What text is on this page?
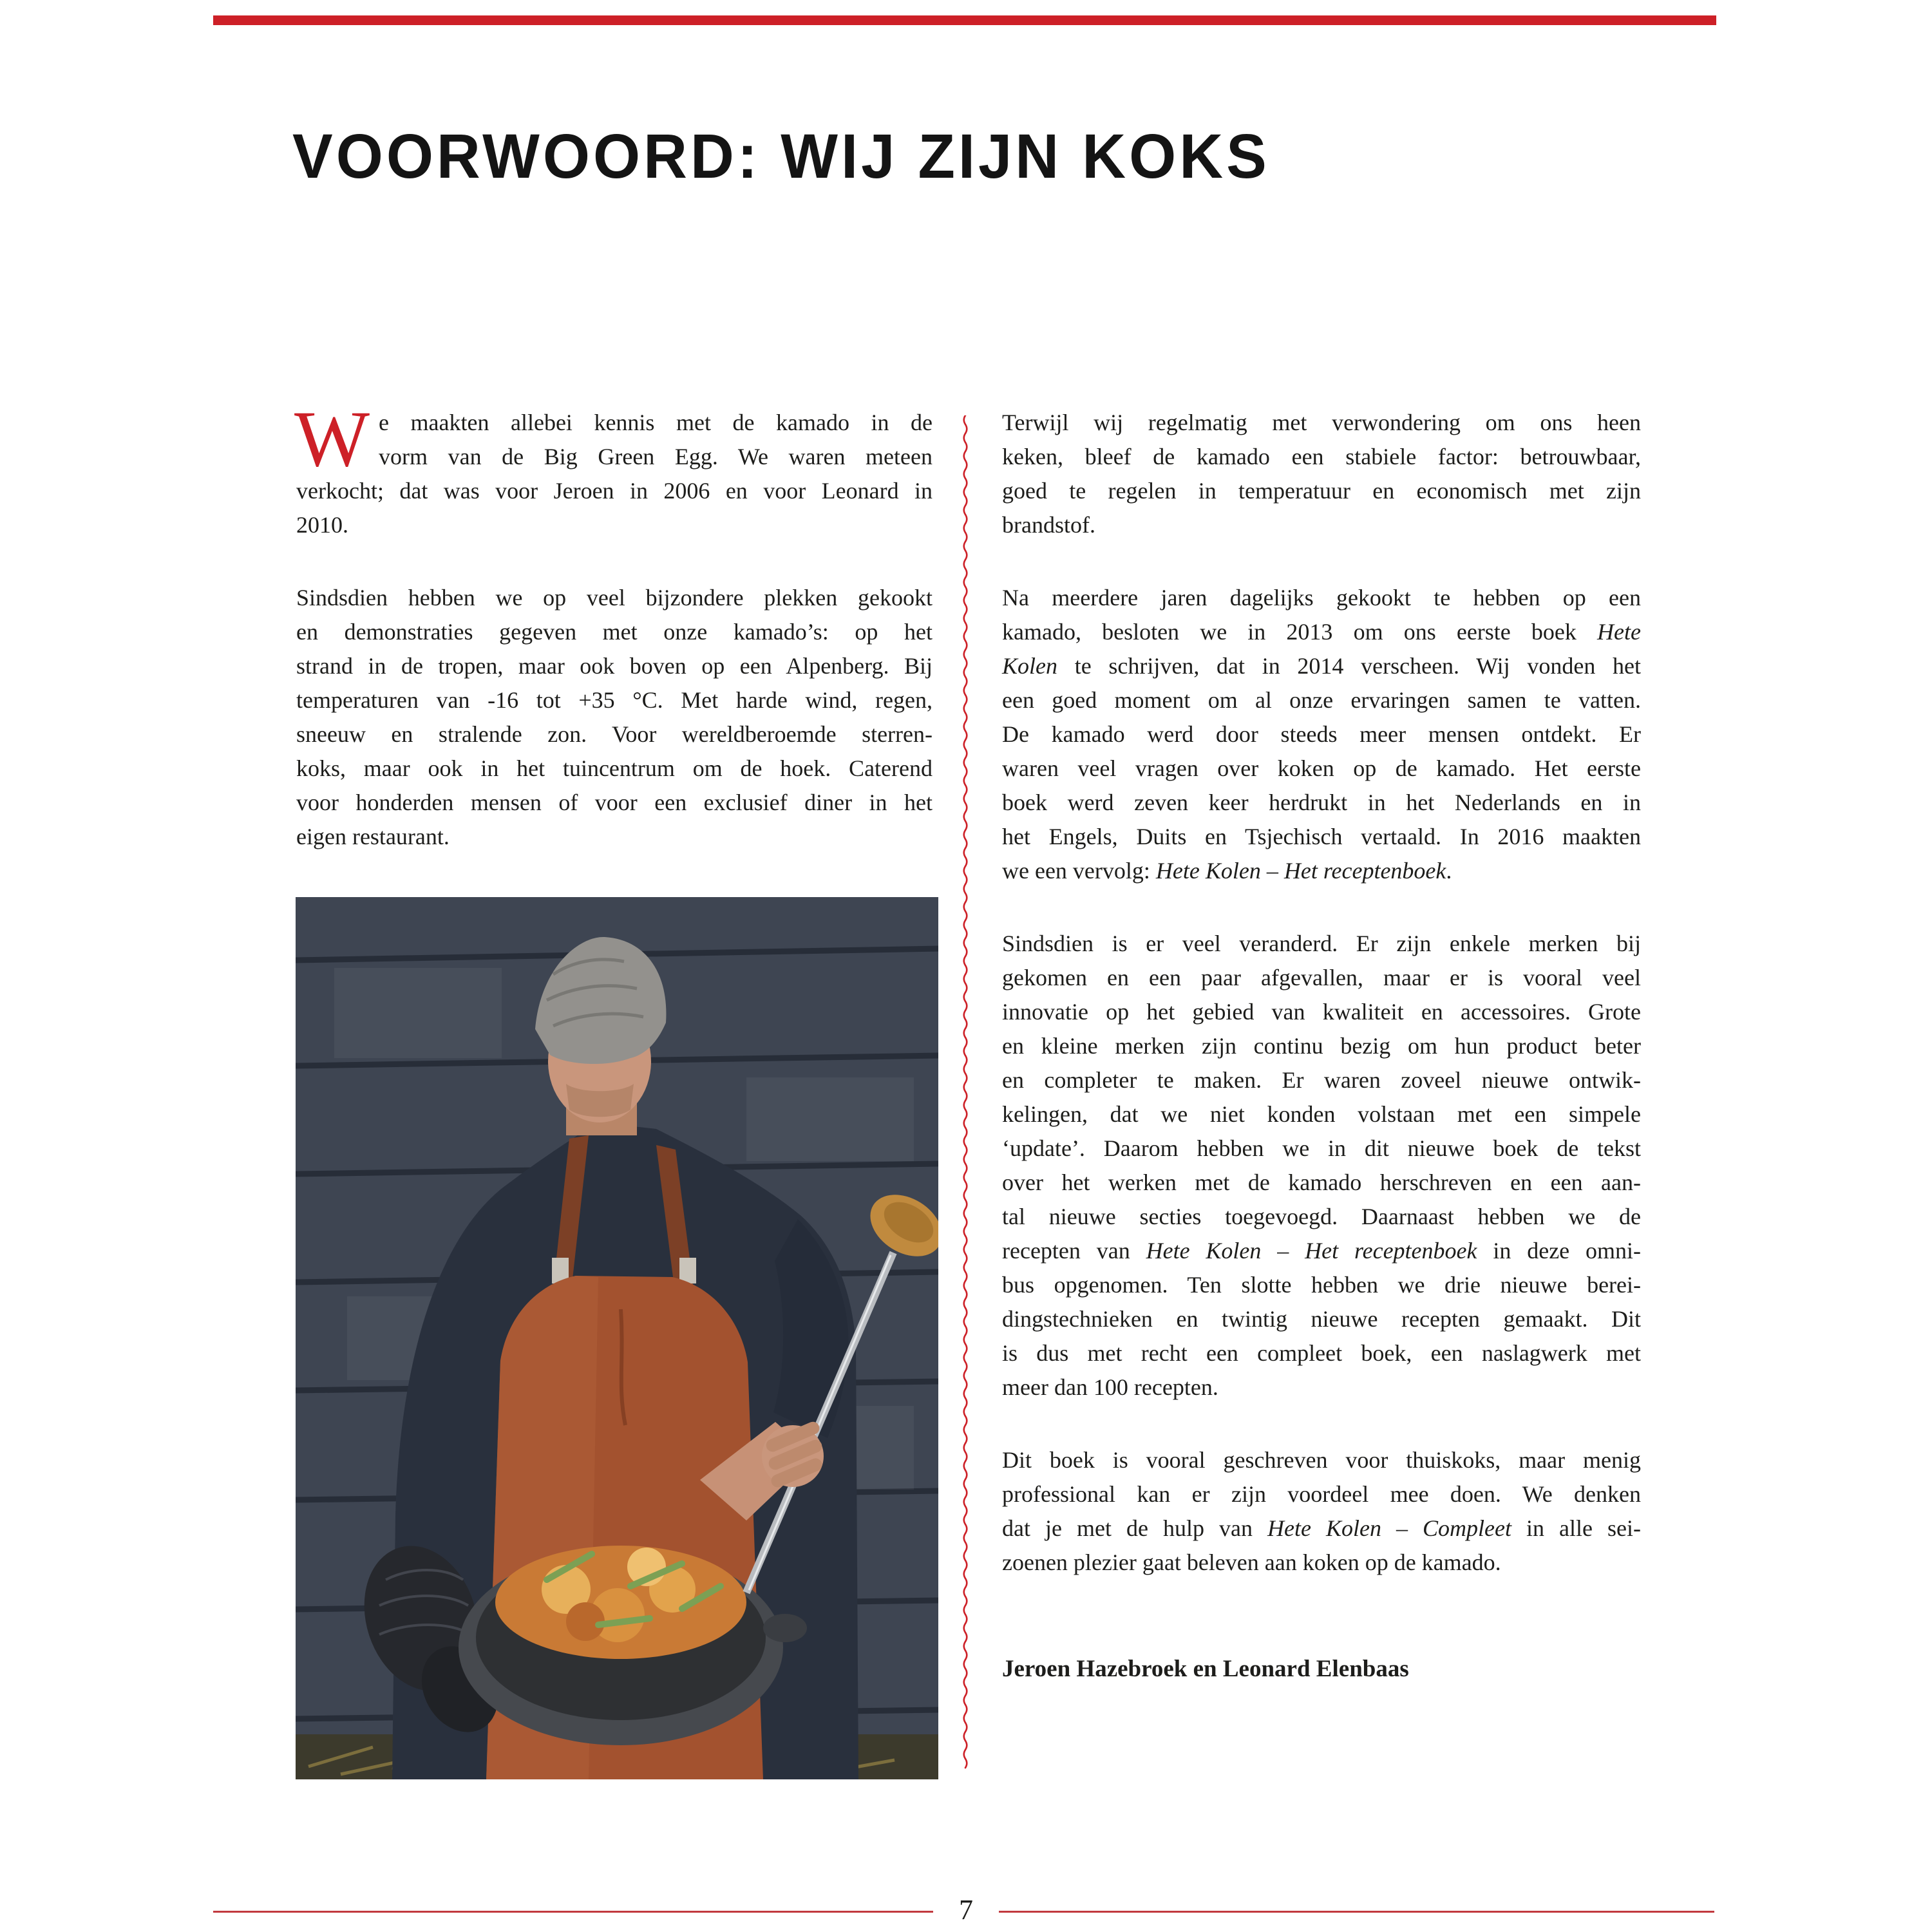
VOORWOORD: WIJ ZIJN KOKS
W e maakten allebei kennis met de kamado in de
vorm van de Big Green Egg. We waren meteen
verkocht; dat was voor Jeroen in 2006 en voor Leonard in
2010.
Sindsdien hebben we op veel bijzondere plekken gekookt
en demonstraties gegeven met onze kamado’s: op het
strand in de tropen, maar ook boven op een Alpenberg. Bij
temperaturen van -16 tot +35 °C. Met harde wind, regen,
sneeuw en stralende zon. Voor wereldberoemde sterren-
koks, maar ook in het tuincentrum om de hoek. Caterend
voor honderden mensen of voor een exclusief diner in het
eigen restaurant.
Terwijl wij regelmatig met verwondering om ons heen
keken, bleef de kamado een stabiele factor: betrouwbaar,
goed te regelen in temperatuur en economisch met zijn
brandstof.
Na meerdere jaren dagelijks gekookt te hebben op een
kamado, besloten we in 2013 om ons eerste boek Hete
Kolen te schrijven, dat in 2014 verscheen. Wij vonden het
een goed moment om al onze ervaringen samen te vatten.
De kamado werd door steeds meer mensen ontdekt. Er
waren veel vragen over koken op de kamado. Het eerste
boek werd zeven keer herdrukt in het Nederlands en in
het Engels, Duits en Tsjechisch vertaald. In 2016 maakten
we een vervolg: Hete Kolen – Het receptenboek.
Sindsdien is er veel veranderd. Er zijn enkele merken bij
gekomen en een paar afgevallen, maar er is vooral veel
innovatie op het gebied van kwaliteit en accessoires. Grote
en kleine merken zijn continu bezig om hun product beter
en completer te maken. Er waren zoveel nieuwe ontwik-
kelingen, dat we niet konden volstaan met een simpele
‘update’. Daarom hebben we in dit nieuwe boek de tekst
over het werken met de kamado herschreven en een aan-
tal nieuwe secties toegevoegd. Daarnaast hebben we de
recepten van Hete Kolen – Het receptenboek in deze omni-
bus opgenomen. Ten slotte hebben we drie nieuwe berei-
dingstechnieken en twintig nieuwe recepten gemaakt. Dit
is dus met recht een compleet boek, een naslagwerk met
meer dan 100 recepten.
Dit boek is vooral geschreven voor thuiskoks, maar menig
professional kan er zijn voordeel mee doen. We denken
dat je met de hulp van Hete Kolen – Compleet in alle sei-
zoenen plezier gaat beleven aan koken op de kamado.
Jeroen Hazebroek en Leonard Elenbaas
7
